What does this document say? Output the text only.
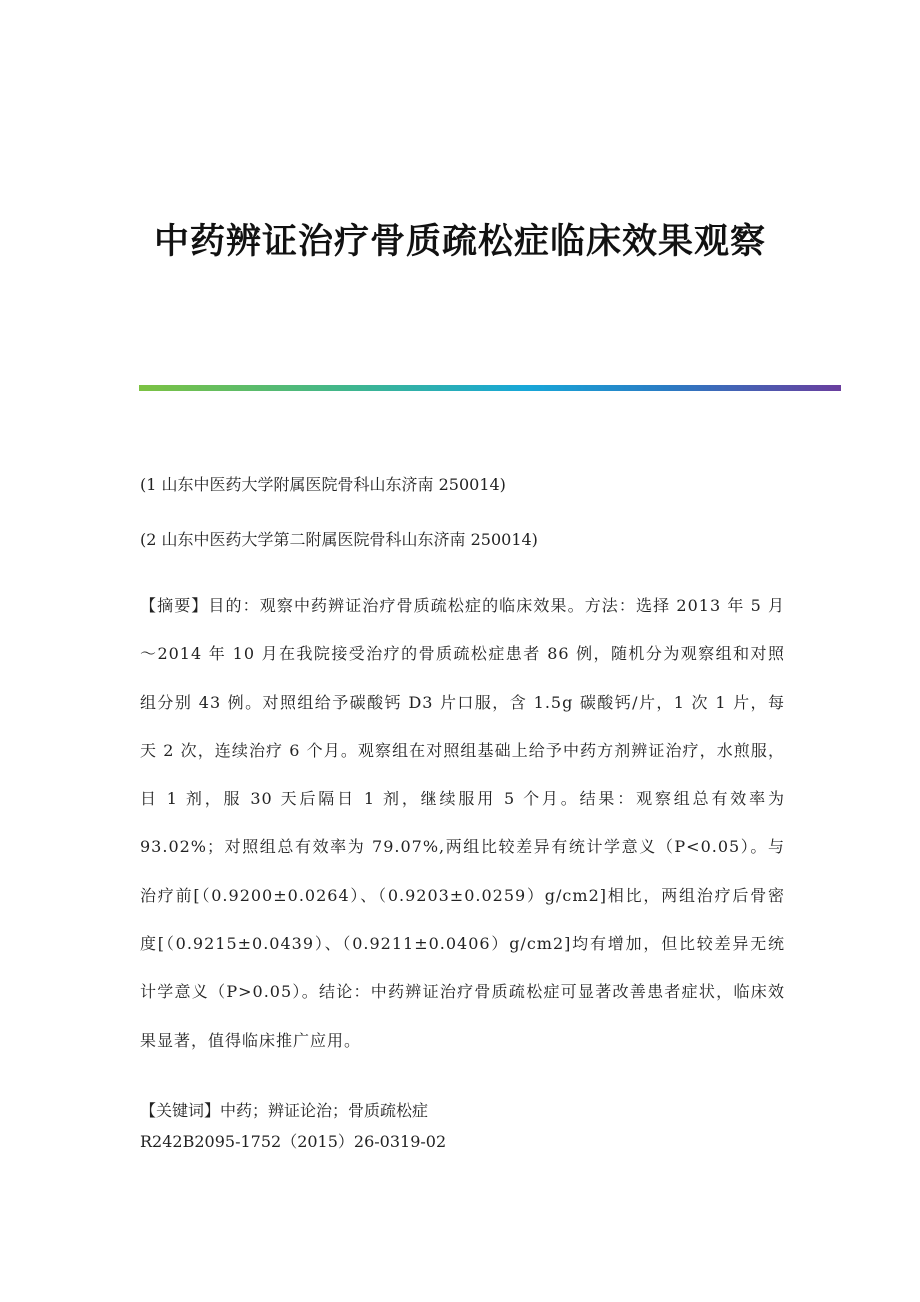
中药辨证治疗骨质疏松症临床效果观察

(1 山东中医药大学附属医院骨科山东济南 250014)

(2 山东中医药大学第二附属医院骨科山东济南 250014)

【摘要】目的：观察中药辨证治疗骨质疏松症的临床效果。方法：选择 2013 年 5 月～2014 年 10 月在我院接受治疗的骨质疏松症患者 86 例，随机分为观察组和对照组分别 43 例。对照组给予碳酸钙 D3 片口服，含 1.5g 碳酸钙/片，1 次 1 片，每天 2 次，连续治疗 6 个月。观察组在对照组基础上给予中药方剂辨证治疗，水煎服，日 1 剂，服 30 天后隔日 1 剂，继续服用 5 个月。结果：观察组总有效率为 93.02%；对照组总有效率为 79.07%,两组比较差异有统计学意义（P<0.05）。与治疗前[（0.9200±0.0264）、（0.9203±0.0259）g/cm2]相比，两组治疗后骨密度[（0.9215±0.0439）、（0.9211±0.0406）g/cm2]均有增加，但比较差异无统计学意义（P>0.05）。结论：中药辨证治疗骨质疏松症可显著改善患者症状，临床效果显著，值得临床推广应用。

【关键词】中药；辨证论治；骨质疏松症

R242B2095-1752（2015）26-0319-02
